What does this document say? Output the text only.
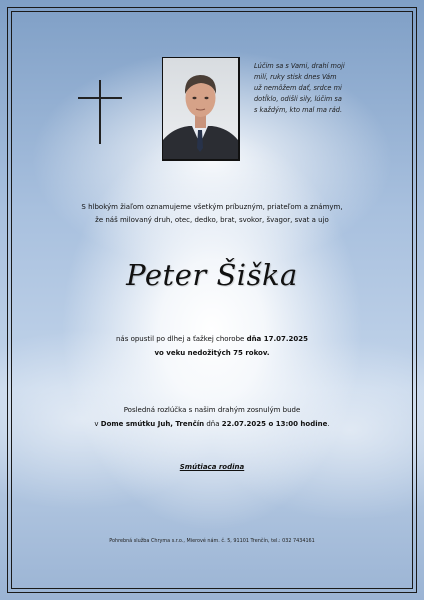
Lúčim sa s Vami, drahí moji
milí, ruky stisk dnes Vám
už nemôžem dať, srdce mi
dotĺklo, odišli sily, lúčim sa
s každým, kto mal ma rád.
S hlbokým žiaľom oznamujeme všetkým príbuzným, priateľom a známym,
že náš milovaný druh, otec, dedko, brat, svokor, švagor, svat a ujo
Peter Šiška
nás opustil po dlhej a ťažkej chorobe dňa 17.07.2025
vo veku nedožitých 75 rokov.
Posledná rozlúčka s našim drahým zosnulým bude
v Dome smútku Juh, Trenčín dňa 22.07.2025 o 13:00 hodine.
Smútiaca rodina
Pohrebná služba Chryma s.r.o., Mierové nám. č. 5, 91101 Trenčín, tel.: 032 7434161
